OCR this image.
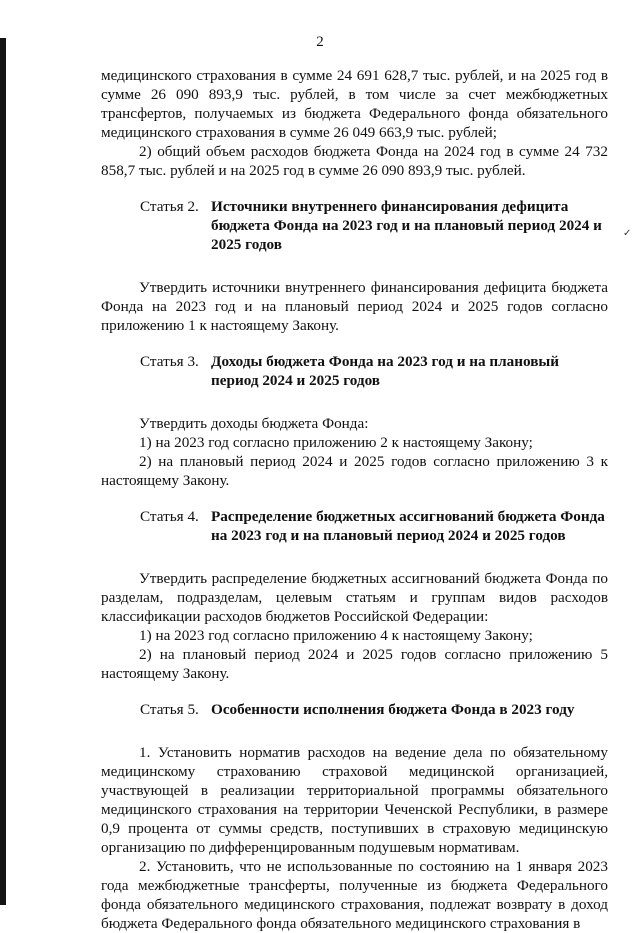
✓
2

медицинского страхования в сумме 24 691 628,7 тыс. рублей, и на 2025 год в сумме 26 090 893,9 тыс. рублей, в том числе за счет межбюджетных трансфертов, получаемых из бюджета Федерального фонда обязательного медицинского страхования в сумме 26 049 663,9 тыс. рублей;

2) общий объем расходов бюджета Фонда на 2024 год в сумме 24 732 858,7 тыс. рублей и на 2025 год в сумме 26 090 893,9 тыс. рублей.

Статья 2. Источники внутреннего финансирования дефицита бюджета Фонда на 2023 год и на плановый период 2024 и 2025 годов

Утвердить источники внутреннего финансирования дефицита бюджета Фонда на 2023 год и на плановый период 2024 и 2025 годов согласно приложению 1 к настоящему Закону.

Статья 3. Доходы бюджета Фонда на 2023 год и на плановый период 2024 и 2025 годов

Утвердить доходы бюджета Фонда:

1) на 2023 год согласно приложению 2 к настоящему Закону;

2) на плановый период 2024 и 2025 годов согласно приложению 3 к настоящему Закону.

Статья 4. Распределение бюджетных ассигнований бюджета Фонда на 2023 год и на плановый период 2024 и 2025 годов

Утвердить распределение бюджетных ассигнований бюджета Фонда по разделам, подразделам, целевым статьям и группам видов расходов классификации расходов бюджетов Российской Федерации:

1) на 2023 год согласно приложению 4 к настоящему Закону;

2) на плановый период 2024 и 2025 годов согласно приложению 5 настоящему Закону.

Статья 5. Особенности исполнения бюджета Фонда в 2023 году

1. Установить норматив расходов на ведение дела по обязательному медицинскому страхованию страховой медицинской организацией, участвующей в реализации территориальной программы обязательного медицинского страхования на территории Чеченской Республики, в размере 0,9 процента от суммы средств, поступивших в страховую медицинскую организацию по дифференцированным подушевым нормативам.

2. Установить, что не использованные по состоянию на 1 января 2023 года межбюджетные трансферты, полученные из бюджета Федерального фонда обязательного медицинского страхования, подлежат возврату в доход бюджета Федерального фонда обязательного медицинского страхования в
